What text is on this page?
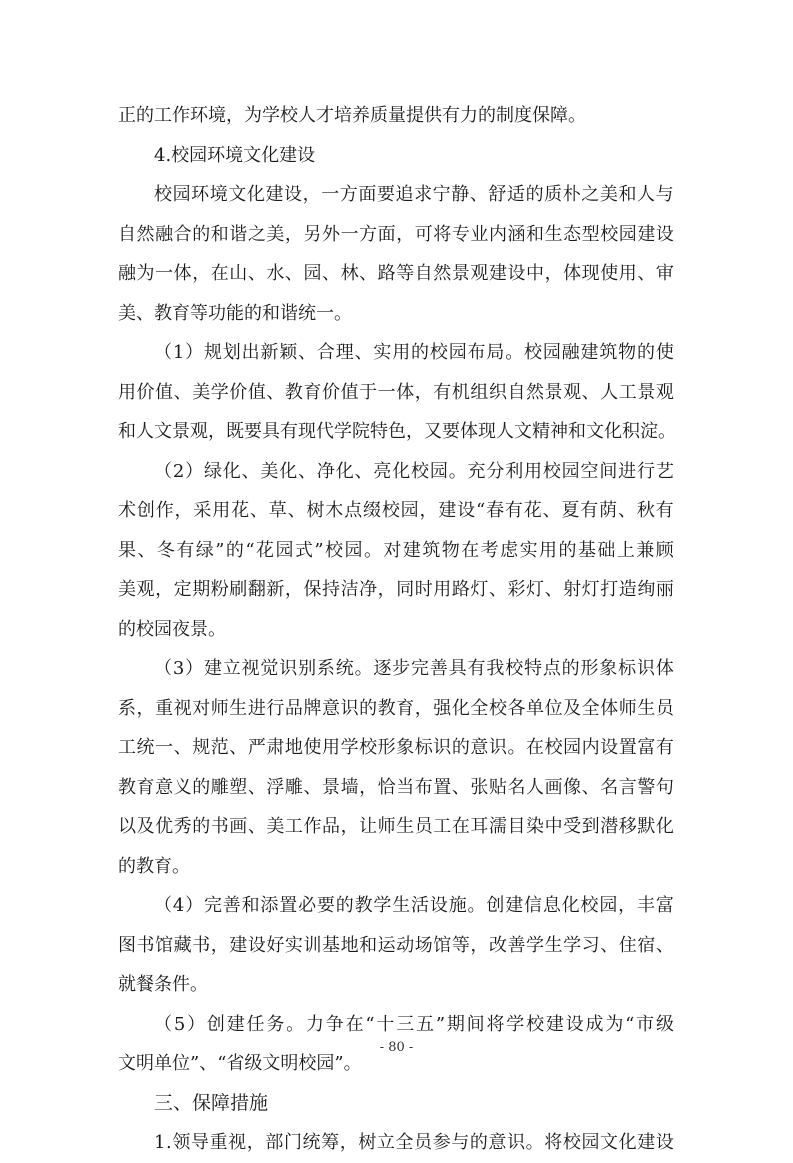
正的工作环境，为学校人才培养质量提供有力的制度保障。
4.校园环境文化建设
校 园 环 境 文 化 建 设 ， 一 方 面 要 追 求 宁 静 、 舒 适 的 质 朴 之 美 和 人 与
自 然 融 合 的 和 谐 之 美 ， 另 外 一 方 面 ， 可 将 专 业 内 涵 和 生 态 型 校 园 建 设
融 为 一 体 ， 在 山 、 水 、 园 、 林 、 路 等 自 然 景 观 建 设 中 ， 体 现 使 用 、 审
美、教育等功能的和谐统一。
（ 1 ） 规 划 出 新 颖 、 合 理 、 实 用 的 校 园 布 局 。 校 园 融 建 筑 物 的 使
用 价 值 、 美 学 价 值 、 教 育 价 值 于 一 体 ， 有 机 组 织 自 然 景 观 、 人 工 景 观
和 人 文 景 观 ， 既 要 具 有 现 代 学 院 特 色 ， 又 要 体 现 人 文 精 神 和 文 化 积 淀 。
（ 2 ） 绿 化 、 美 化 、 净 化 、 亮 化 校 园 。 充 分 利 用 校 园 空 间 进 行 艺
术 创 作 ， 采 用 花 、 草 、 树 木 点 缀 校 园 ， 建 设 “ 春 有 花 、 夏 有 荫 、 秋 有
果 、 冬 有 绿 ” 的 “ 花 园 式 ” 校 园 。 对 建 筑 物 在 考 虑 实 用 的 基 础 上 兼 顾
美 观 ， 定 期 粉 刷 翻 新 ， 保 持 洁 净 ， 同 时 用 路 灯 、 彩 灯 、 射 灯 打 造 绚 丽
的校园夜景。
（ 3 ） 建 立 视 觉 识 别 系 统 。 逐 步 完 善 具 有 我 校 特 点 的 形 象 标 识 体
系 ， 重 视 对 师 生 进 行 品 牌 意 识 的 教 育 ， 强 化 全 校 各 单 位 及 全 体 师 生 员
工 统 一 、 规 范 、 严 肃 地 使 用 学 校 形 象 标 识 的 意 识 。 在 校 园 内 设 置 富 有
教 育 意 义 的 雕 塑 、 浮 雕 、 景 墙 ， 恰 当 布 置 、 张 贴 名 人 画 像 、 名 言 警 句
以 及 优 秀 的 书 画 、 美 工 作 品 ， 让 师 生 员 工 在 耳 濡 目 染 中 受 到 潜 移 默 化
的教育。
（ 4 ） 完 善 和 添 置 必 要 的 教 学 生 活 设 施 。 创 建 信 息 化 校 园 ， 丰 富
图 书 馆 藏 书 ， 建 设 好 实 训 基 地 和 运 动 场 馆 等 ， 改 善 学 生 学 习 、 住 宿 、
就餐条件。
（ 5 ） 创 建 任 务 。 力 争 在 “ 十 三 五 ” 期 间 将 学 校 建 设 成 为 “ 市 级
文明单位”、“省级文明校园”。
三、保障措施
1 . 领 导 重 视 ， 部 门 统 筹 ， 树 立 全 员 参 与 的 意 识 。 将 校 园 文 化 建 设
- 80 -
